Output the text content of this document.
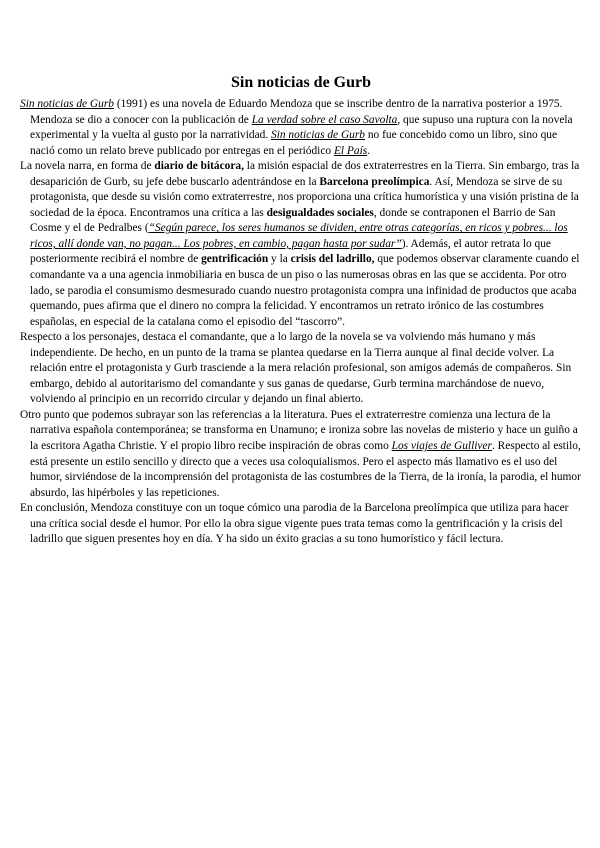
Sin noticias de Gurb

Sin noticias de Gurb (1991) es una novela de Eduardo Mendoza que se inscribe dentro de la narrativa posterior a 1975. Mendoza se dio a conocer con la publicación de La verdad sobre el caso Savolta, que supuso una ruptura con la novela experimental y la vuelta al gusto por la narratividad. Sin noticias de Gurb no fue concebido como un libro, sino que nació como un relato breve publicado por entregas en el periódico El País.

La novela narra, en forma de diario de bitácora, la misión espacial de dos extraterrestres en la Tierra. Sin embargo, tras la desaparición de Gurb, su jefe debe buscarlo adentrándose en la Barcelona preolímpica. Así, Mendoza se sirve de su protagonista, que desde su visión como extraterrestre, nos proporciona una crítica humorística y una visión pristina de la sociedad de la época. Encontramos una crítica a las desigualdades sociales, donde se contraponen el Barrio de San Cosme y el de Pedralbes (“Según parece, los seres humanos se dividen, entre otras categorías, en ricos y pobres... los ricos, allí donde van, no pagan... Los pobres, en cambio, pagan hasta por sudar”). Además, el autor retrata lo que posteriormente recibirá el nombre de gentrificación y la crisis del ladrillo, que podemos observar claramente cuando el comandante va a una agencia inmobiliaria en busca de un piso o las numerosas obras en las que se accidenta. Por otro lado, se parodia el consumismo desmesurado cuando nuestro protagonista compra una infinidad de productos que acaba quemando, pues afirma que el dinero no compra la felicidad. Y encontramos un retrato irónico de las costumbres españolas, en especial de la catalana como el episodio del “tascorro”.

Respecto a los personajes, destaca el comandante, que a lo largo de la novela se va volviendo más humano y más independiente. De hecho, en un punto de la trama se plantea quedarse en la Tierra aunque al final decide volver. La relación entre el protagonista y Gurb trasciende a la mera relación profesional, son amigos además de compañeros. Sin embargo, debido al autoritarismo del comandante y sus ganas de quedarse, Gurb termina marchándose de nuevo, volviendo al principio en un recorrido circular y dejando un final abierto.

Otro punto que podemos subrayar son las referencias a la literatura. Pues el extraterrestre comienza una lectura de la narrativa española contemporánea; se transforma en Unamuno; e ironiza sobre las novelas de misterio y hace un guiño a la escritora Agatha Christie. Y el propio libro recibe inspiración de obras como Los viajes de Gulliver. Respecto al estilo, está presente un estilo sencillo y directo que a veces usa coloquialismos. Pero el aspecto más llamativo es el uso del humor, sirviéndose de la incomprensión del protagonista de las costumbres de la Tierra, de la ironía, la parodia, el humor absurdo, las hipérboles y las repeticiones.

En conclusión, Mendoza constituye con un toque cómico una parodia de la Barcelona preolímpica que utiliza para hacer una crítica social desde el humor. Por ello la obra sigue vigente pues trata temas como la gentrificación y la crisis del ladrillo que siguen presentes hoy en día. Y ha sido un éxito gracias a su tono humorístico y fácil lectura.
